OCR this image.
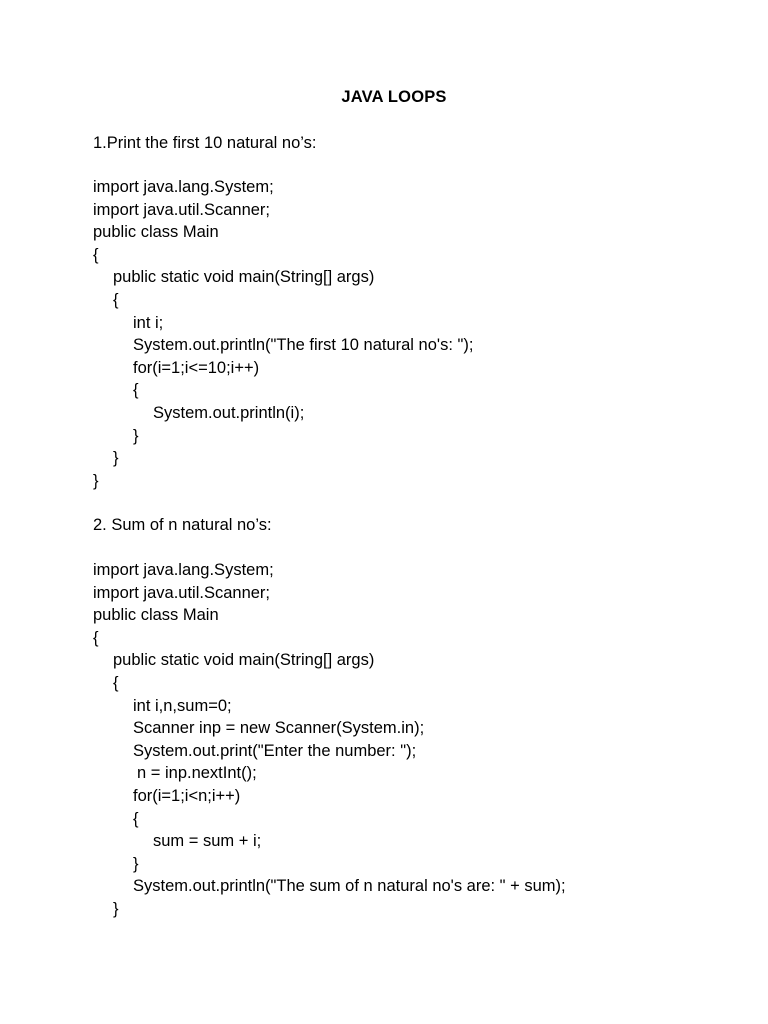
JAVA LOOPS
1.Print the first 10 natural no’s:
import java.lang.System;
import java.util.Scanner;
public class Main
{
public static void main(String[] args)
{
int i;
System.out.println("The first 10 natural no's: ");
for(i=1;i<=10;i++)
{
System.out.println(i);
}
}
}
2. Sum of n natural no’s:
import java.lang.System;
import java.util.Scanner;
public class Main
{
public static void main(String[] args)
{
int i,n,sum=0;
Scanner inp = new Scanner(System.in);
System.out.print("Enter the number: ");
n = inp.nextInt();
for(i=1;i<n;i++)
{
sum = sum + i;
}
System.out.println("The sum of n natural no's are: " + sum);
}
